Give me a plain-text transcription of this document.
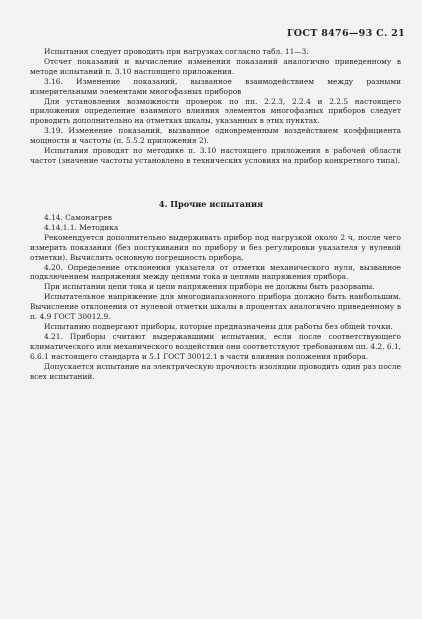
ГОСТ 8476—93 С. 21

Испытания следует проводить при нагрузках согласно табл. 11—3.

Отсчет показаний и вычисление изменения показаний аналогично приведенному в методе испытаний п. 3.10 настоящего приложения.

3.16. Изменение показаний, вызванное взаимодействием между разными измерительными элементами многофазных приборов

Для установления возможности проверок по пп. 2.2.3, 2.2.4 и 2.2.5 настоящего приложения определение взаимного влияния элементов многофазных приборов следует проводить дополнительно на отметках шкалы, указанных в этих пунктах.

3.19. Изменение показаний, вызванное одновременным воздействием коэффициента мощности и частоты (п. 5.5.2 приложения 2).

Испытания проводят по методике п. 3.10 настоящего приложения в рабочей области частот (значение частоты установлено в технических условиях на прибор конкретного типа).

4. Прочие испытания

4.14. Самонагрев

4.14.1.1. Методика

Рекомендуется дополнительно выдерживать прибор под нагрузкой около 2 ч, после чего измерить показания (без постукивания по прибору и без регулировки указателя у нулевой отметки). Вычислить основную погрешность прибора.

4.20. Определение отклонения указателя от отметки механического нуля, вызванное подключением напряжения между цепями тока и цепями напряжения прибора.

При испытании цепи тока и цепи напряжения прибора не должны быть разорваны.

Испытательное напряжение для многодиапазонного прибора должно быть наибольшим. Вычисление отклонения от нулевой отметки шкалы в процентах аналогично приведенному в п. 4.9 ГОСТ 30012.9.

Испытанию подвергают приборы, которые предназначены для работы без общей точки.

4.21. Приборы считают выдержавшими испытания, если после соответствующего климатического или механического воздействия они соответствуют требованиям пп. 4.2, 6.1, 6.6.1 настоящего стандарта и 5.1 ГОСТ 30012.1 в части влияния положения прибора.

Допускается испытание на электрическую прочность изоляции проводить один раз после всех испытаний.
